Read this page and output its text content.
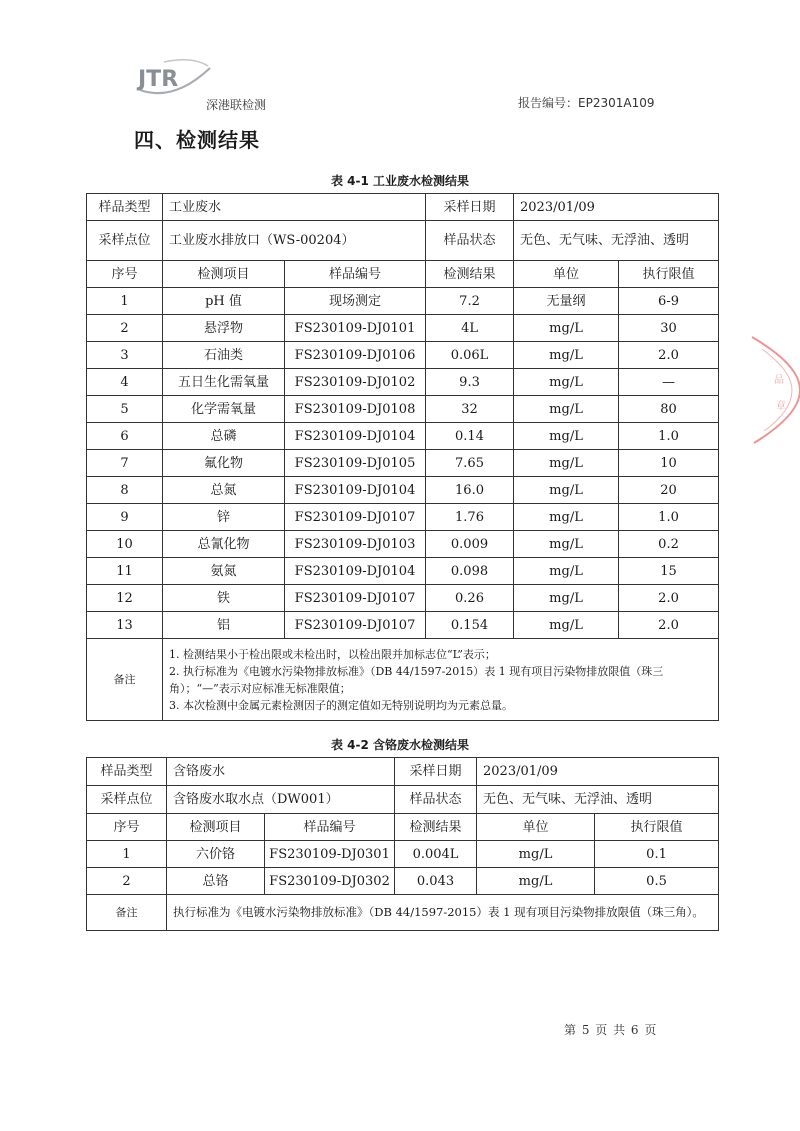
JTR
深港联检测	报告编号：EP2301A109
四、检测结果
表 4-1 工业废水检测结果
样品类型	工业废水		采样日期	2023/01/09	
采样点位	工业废水排放口（WS-00204）		样品状态	无色、无气味、无浮油、透明	
序号	检测项目	样品编号	检测结果	单位	执行限值
1	pH 值	现场测定	7.2	无量纲	6-9
2	悬浮物	FS230109-DJ0101	4L	mg/L	30
3	石油类	FS230109-DJ0106	0.06L	mg/L	2.0
4	五日生化需氧量	FS230109-DJ0102	9.3	mg/L	—
5	化学需氧量	FS230109-DJ0108	32	mg/L	80
6	总磷	FS230109-DJ0104	0.14	mg/L	1.0
7	氟化物	FS230109-DJ0105	7.65	mg/L	10
8	总氮	FS230109-DJ0104	16.0	mg/L	20
9	锌	FS230109-DJ0107	1.76	mg/L	1.0
10	总氰化物	FS230109-DJ0103	0.009	mg/L	0.2
11	氨氮	FS230109-DJ0104	0.098	mg/L	15
12	铁	FS230109-DJ0107	0.26	mg/L	2.0
13	铝	FS230109-DJ0107	0.154	mg/L	2.0
备注	1. 检测结果小于检出限或未检出时，以检出限并加标志位“L”表示；
2. 执行标准为《电镀水污染物排放标准》（DB 44/1597-2015）表 1 现有项目污染物排放限值（珠三角）；“—”表示对应标准无标准限值；
3. 本次检测中金属元素检测因子的测定值如无特别说明均为元素总量。				
表 4-2 含铬废水检测结果
样品类型	含铬废水		采样日期	2023/01/09	
采样点位	含铬废水取水点（DW001）		样品状态	无色、无气味、无浮油、透明	
序号	检测项目	样品编号	检测结果	单位	执行限值
1	六价铬	FS230109-DJ0301	0.004L	mg/L	0.1
2	总铬	FS230109-DJ0302	0.043	mg/L	0.5
备注	执行标准为《电镀水污染物排放标准》（DB 44/1597-2015）表 1 现有项目污染物排放限值（珠三角）。				
品
章
第 5 页 共 6 页
